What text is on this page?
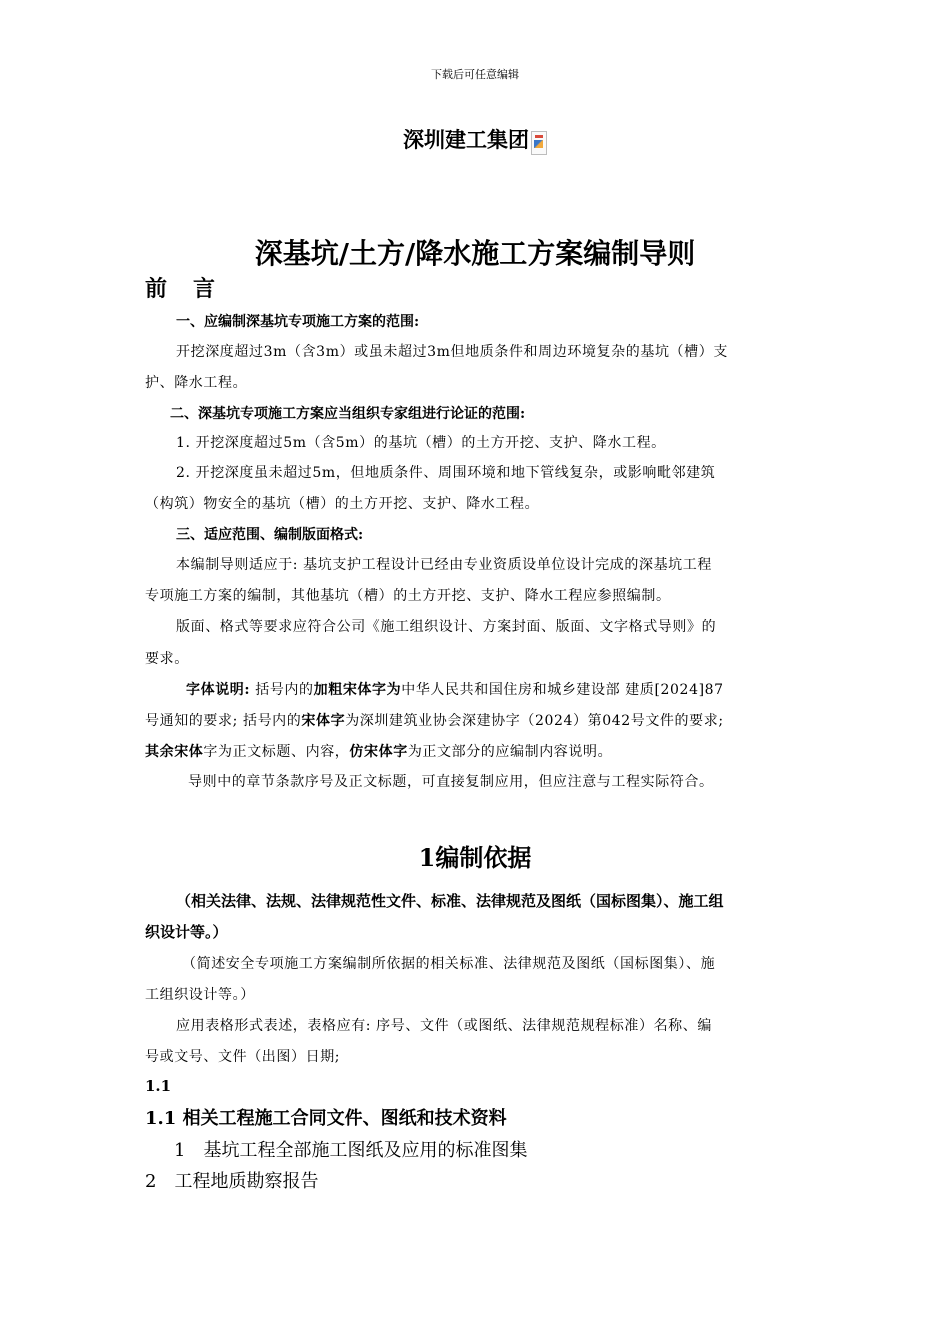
下载后可任意编辑
深圳建工集团
深基坑/土方/降水施工方案编制导则
前言
一、应编制深基坑专项施工方案的范围:
开挖深度超过3m（含3m）或虽未超过3m但地质条件和周边环境复杂的基坑（槽）支
护、降水工程。
二、深基坑专项施工方案应当组织专家组进行论证的范围:
1. 开挖深度超过5m（含5m）的基坑（槽）的土方开挖、支护、降水工程。
2. 开挖深度虽未超过5m，但地质条件、周围环境和地下管线复杂，或影响毗邻建筑
（构筑）物安全的基坑（槽）的土方开挖、支护、降水工程。
三、适应范围、编制版面格式:
本编制导则适应于: 基坑支护工程设计已经由专业资质设单位设计完成的深基坑工程
专项施工方案的编制，其他基坑（槽）的土方开挖、支护、降水工程应参照编制。
版面、格式等要求应符合公司《施工组织设计、方案封面、版面、文字格式导则》的
要求。
字体说明: 括号内的加粗宋体字为中华人民共和国住房和城乡建设部 建质[2024]87
号通知的要求; 括号内的宋体字为深圳建筑业协会深建协字（2024）第042号文件的要求;
其余宋体字为正文标题、内容，仿宋体字为正文部分的应编制内容说明。
导则中的章节条款序号及正文标题，可直接复制应用，但应注意与工程实际符合。
1编制依据
（相关法律、法规、法律规范性文件、标准、法律规范及图纸（国标图集）、施工组
织设计等。）
（简述安全专项施工方案编制所依据的相关标准、法律规范及图纸（国标图集）、施
工组织设计等。）
应用表格形式表述，表格应有: 序号、文件（或图纸、法律规范规程标准）名称、编
号或文号、文件（出图）日期;
1.1
1.1 相关工程施工合同文件、图纸和技术资料
1　基坑工程全部施工图纸及应用的标准图集
2　工程地质勘察报告
